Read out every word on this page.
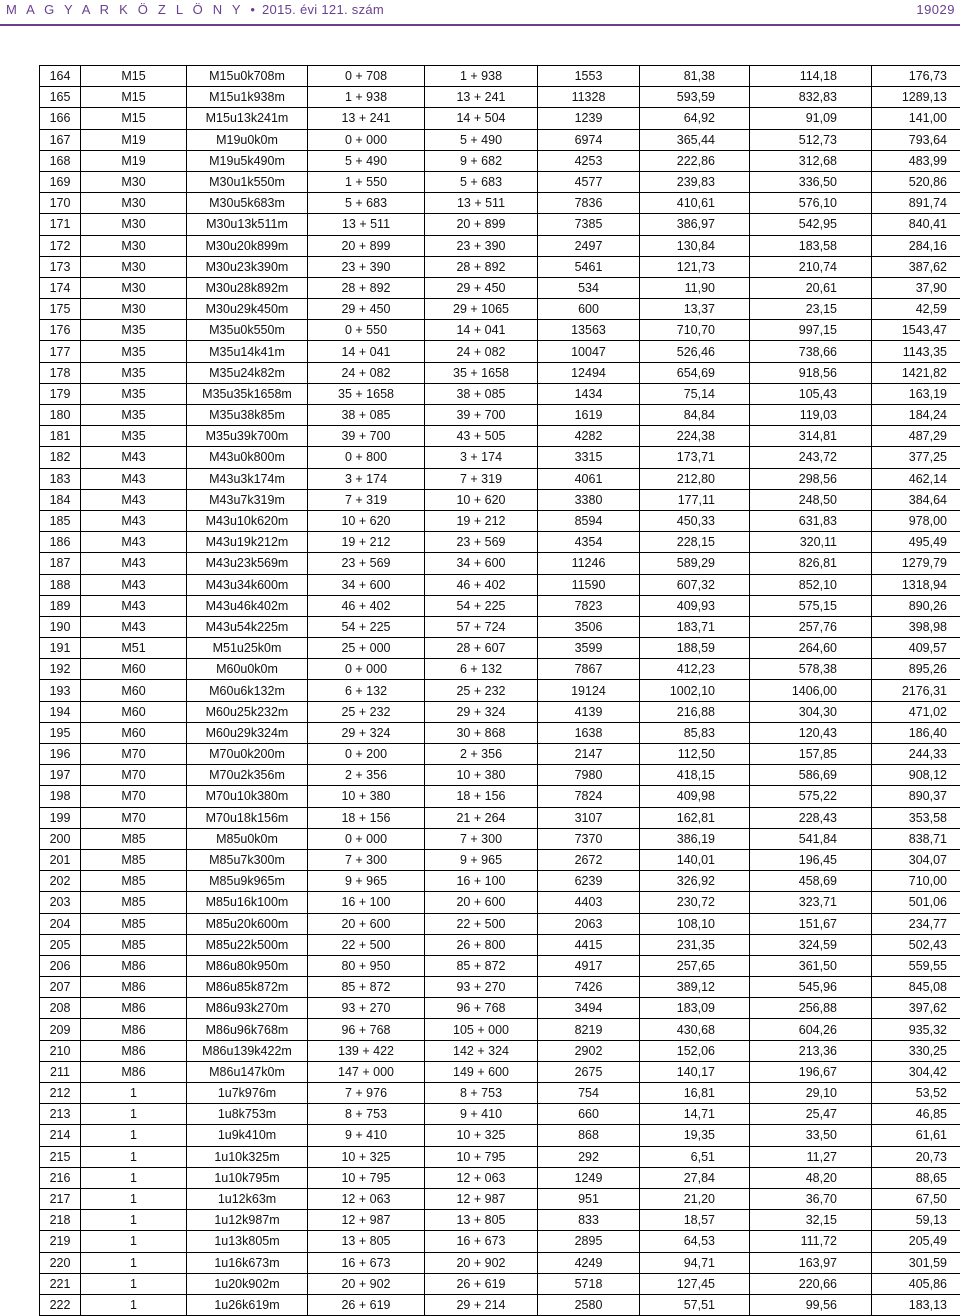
M A G Y A R K Ö Z L Ö N Y • 2015. évi 121. szám	19029
164	M15	M15u0k708m	0 + 708	1 + 938	1553	81,38	114,18	176,73
165	M15	M15u1k938m	1 + 938	13 + 241	11328	593,59	832,83	1289,13
166	M15	M15u13k241m	13 + 241	14 + 504	1239	64,92	91,09	141,00
167	M19	M19u0k0m	0 + 000	5 + 490	6974	365,44	512,73	793,64
168	M19	M19u5k490m	5 + 490	9 + 682	4253	222,86	312,68	483,99
169	M30	M30u1k550m	1 + 550	5 + 683	4577	239,83	336,50	520,86
170	M30	M30u5k683m	5 + 683	13 + 511	7836	410,61	576,10	891,74
171	M30	M30u13k511m	13 + 511	20 + 899	7385	386,97	542,95	840,41
172	M30	M30u20k899m	20 + 899	23 + 390	2497	130,84	183,58	284,16
173	M30	M30u23k390m	23 + 390	28 + 892	5461	121,73	210,74	387,62
174	M30	M30u28k892m	28 + 892	29 + 450	534	11,90	20,61	37,90
175	M30	M30u29k450m	29 + 450	29 + 1065	600	13,37	23,15	42,59
176	M35	M35u0k550m	0 + 550	14 + 041	13563	710,70	997,15	1543,47
177	M35	M35u14k41m	14 + 041	24 + 082	10047	526,46	738,66	1143,35
178	M35	M35u24k82m	24 + 082	35 + 1658	12494	654,69	918,56	1421,82
179	M35	M35u35k1658m	35 + 1658	38 + 085	1434	75,14	105,43	163,19
180	M35	M35u38k85m	38 + 085	39 + 700	1619	84,84	119,03	184,24
181	M35	M35u39k700m	39 + 700	43 + 505	4282	224,38	314,81	487,29
182	M43	M43u0k800m	0 + 800	3 + 174	3315	173,71	243,72	377,25
183	M43	M43u3k174m	3 + 174	7 + 319	4061	212,80	298,56	462,14
184	M43	M43u7k319m	7 + 319	10 + 620	3380	177,11	248,50	384,64
185	M43	M43u10k620m	10 + 620	19 + 212	8594	450,33	631,83	978,00
186	M43	M43u19k212m	19 + 212	23 + 569	4354	228,15	320,11	495,49
187	M43	M43u23k569m	23 + 569	34 + 600	11246	589,29	826,81	1279,79
188	M43	M43u34k600m	34 + 600	46 + 402	11590	607,32	852,10	1318,94
189	M43	M43u46k402m	46 + 402	54 + 225	7823	409,93	575,15	890,26
190	M43	M43u54k225m	54 + 225	57 + 724	3506	183,71	257,76	398,98
191	M51	M51u25k0m	25 + 000	28 + 607	3599	188,59	264,60	409,57
192	M60	M60u0k0m	0 + 000	6 + 132	7867	412,23	578,38	895,26
193	M60	M60u6k132m	6 + 132	25 + 232	19124	1002,10	1406,00	2176,31
194	M60	M60u25k232m	25 + 232	29 + 324	4139	216,88	304,30	471,02
195	M60	M60u29k324m	29 + 324	30 + 868	1638	85,83	120,43	186,40
196	M70	M70u0k200m	0 + 200	2 + 356	2147	112,50	157,85	244,33
197	M70	M70u2k356m	2 + 356	10 + 380	7980	418,15	586,69	908,12
198	M70	M70u10k380m	10 + 380	18 + 156	7824	409,98	575,22	890,37
199	M70	M70u18k156m	18 + 156	21 + 264	3107	162,81	228,43	353,58
200	M85	M85u0k0m	0 + 000	7 + 300	7370	386,19	541,84	838,71
201	M85	M85u7k300m	7 + 300	9 + 965	2672	140,01	196,45	304,07
202	M85	M85u9k965m	9 + 965	16 + 100	6239	326,92	458,69	710,00
203	M85	M85u16k100m	16 + 100	20 + 600	4403	230,72	323,71	501,06
204	M85	M85u20k600m	20 + 600	22 + 500	2063	108,10	151,67	234,77
205	M85	M85u22k500m	22 + 500	26 + 800	4415	231,35	324,59	502,43
206	M86	M86u80k950m	80 + 950	85 + 872	4917	257,65	361,50	559,55
207	M86	M86u85k872m	85 + 872	93 + 270	7426	389,12	545,96	845,08
208	M86	M86u93k270m	93 + 270	96 + 768	3494	183,09	256,88	397,62
209	M86	M86u96k768m	96 + 768	105 + 000	8219	430,68	604,26	935,32
210	M86	M86u139k422m	139 + 422	142 + 324	2902	152,06	213,36	330,25
211	M86	M86u147k0m	147 + 000	149 + 600	2675	140,17	196,67	304,42
212	1	1u7k976m	7 + 976	8 + 753	754	16,81	29,10	53,52
213	1	1u8k753m	8 + 753	9 + 410	660	14,71	25,47	46,85
214	1	1u9k410m	9 + 410	10 + 325	868	19,35	33,50	61,61
215	1	1u10k325m	10 + 325	10 + 795	292	6,51	11,27	20,73
216	1	1u10k795m	10 + 795	12 + 063	1249	27,84	48,20	88,65
217	1	1u12k63m	12 + 063	12 + 987	951	21,20	36,70	67,50
218	1	1u12k987m	12 + 987	13 + 805	833	18,57	32,15	59,13
219	1	1u13k805m	13 + 805	16 + 673	2895	64,53	111,72	205,49
220	1	1u16k673m	16 + 673	20 + 902	4249	94,71	163,97	301,59
221	1	1u20k902m	20 + 902	26 + 619	5718	127,45	220,66	405,86
222	1	1u26k619m	26 + 619	29 + 214	2580	57,51	99,56	183,13
